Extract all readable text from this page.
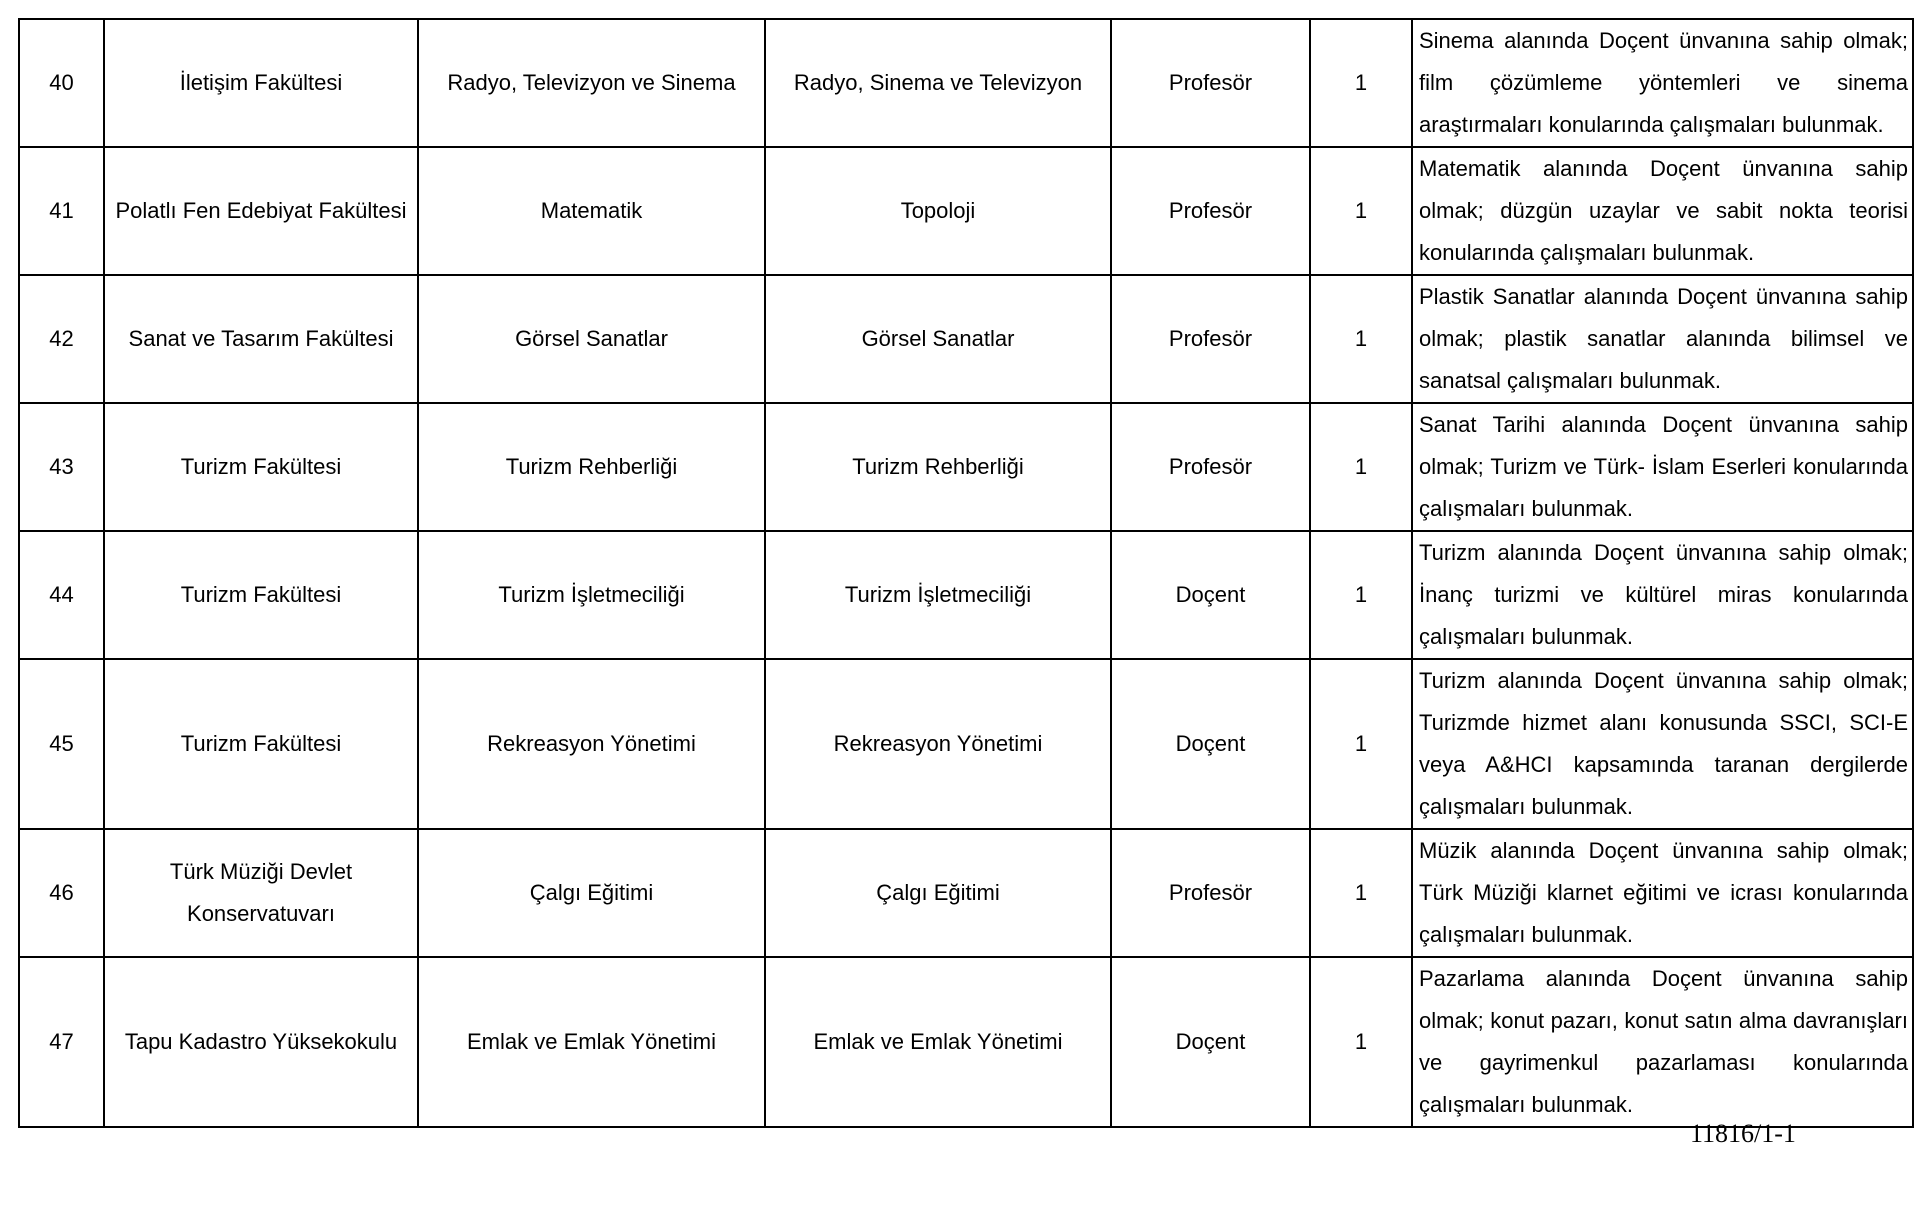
40	İletişim Fakültesi	Radyo, Televizyon ve Sinema	Radyo, Sinema ve Televizyon	Profesör	1	Sinema alanında Doçent ünvanına sahip olmak; film çözümleme yöntemleri ve sinema araştırmaları konularında çalışmaları bulunmak.

41	Polatlı Fen Edebiyat Fakültesi	Matematik	Topoloji	Profesör	1	Matematik alanında Doçent ünvanına sahip olmak; düzgün uzaylar ve sabit nokta teorisi konularında çalışmaları bulunmak.

42	Sanat ve Tasarım Fakültesi	Görsel Sanatlar	Görsel Sanatlar	Profesör	1	Plastik Sanatlar alanında Doçent ünvanına sahip olmak; plastik sanatlar alanında bilimsel ve sanatsal çalışmaları bulunmak.

43	Turizm Fakültesi	Turizm Rehberliği	Turizm Rehberliği	Profesör	1	Sanat Tarihi alanında Doçent ünvanına sahip olmak; Turizm ve Türk- İslam Eserleri konularında çalışmaları bulunmak.

44	Turizm Fakültesi	Turizm İşletmeciliği	Turizm İşletmeciliği	Doçent	1	Turizm alanında Doçent ünvanına sahip olmak; İnanç turizmi ve kültürel miras konularında çalışmaları bulunmak.

45	Turizm Fakültesi	Rekreasyon Yönetimi	Rekreasyon Yönetimi	Doçent	1	Turizm alanında Doçent ünvanına sahip olmak; Turizmde hizmet alanı konusunda SSCI, SCI-E veya A&HCI kapsamında taranan dergilerde çalışmaları bulunmak.

46	Türk Müziği Devlet Konservatuvarı	Çalgı Eğitimi	Çalgı Eğitimi	Profesör	1	Müzik alanında Doçent ünvanına sahip olmak; Türk Müziği klarnet eğitimi ve icrası konularında çalışmaları bulunmak.

47	Tapu Kadastro Yüksekokulu	Emlak ve Emlak Yönetimi	Emlak ve Emlak Yönetimi	Doçent	1	Pazarlama alanında Doçent ünvanına sahip olmak; konut pazarı, konut satın alma davranışları ve gayrimenkul pazarlaması konularında çalışmaları bulunmak.
11816/1-1
